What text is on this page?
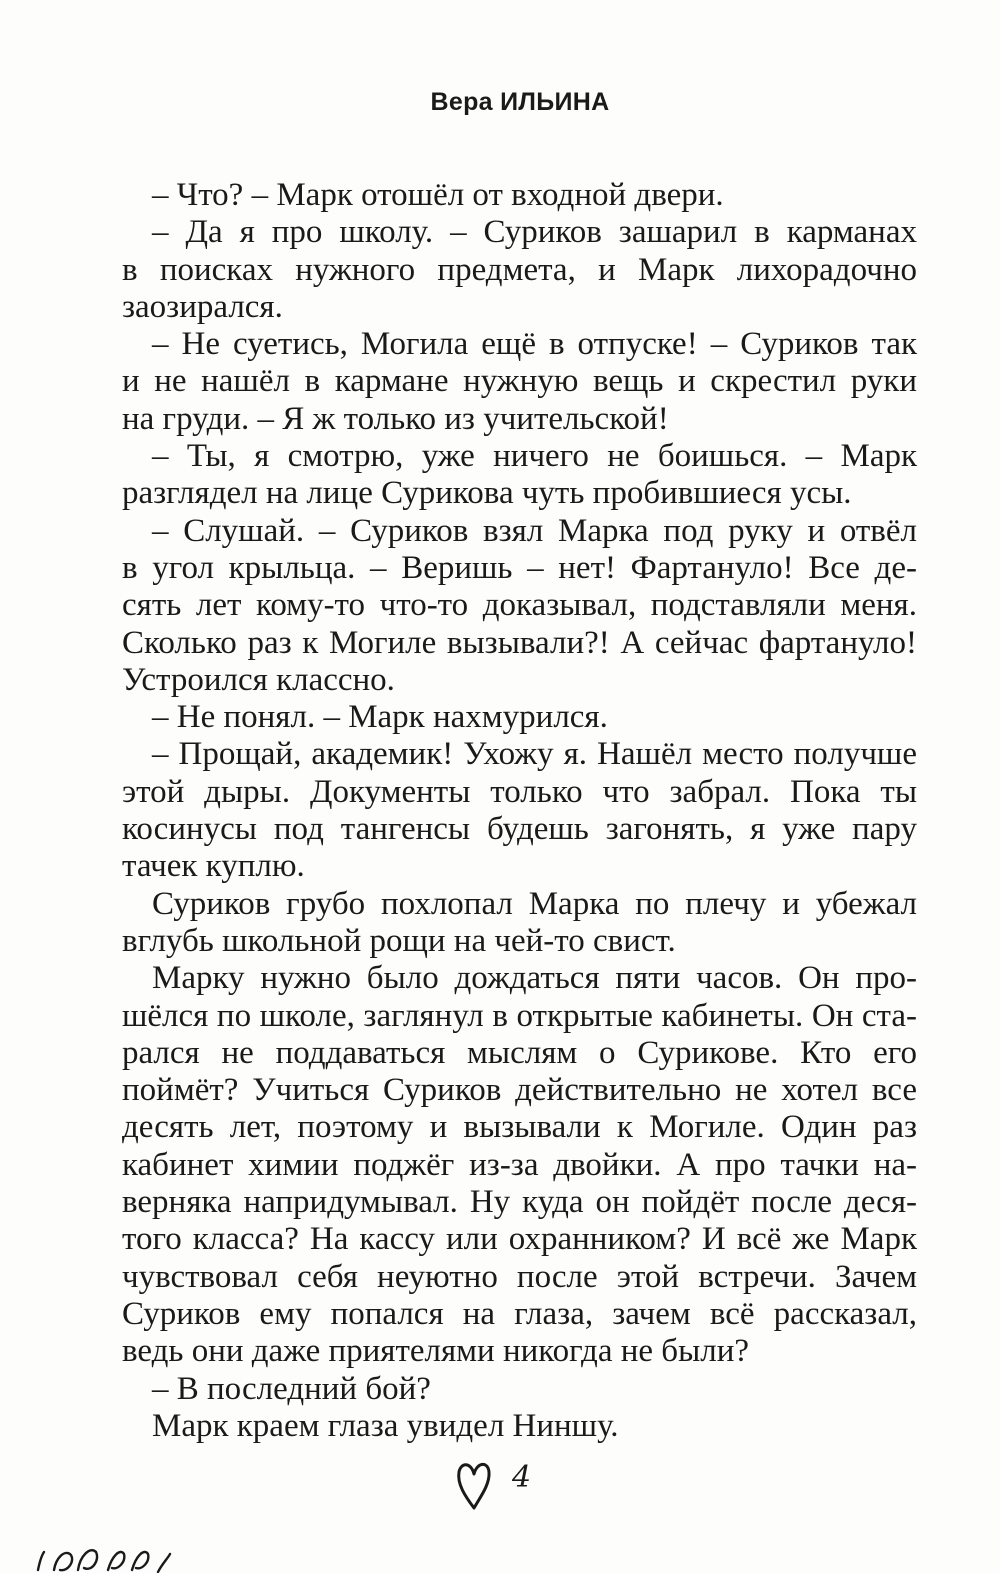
Вера ИЛЬИНА
– Что? – Марк отошёл от входной двери.
– Да я про школу. – Суриков зашарил в карманах
в поисках нужного предмета, и Марк лихорадочно
заозирался.
– Не суетись, Могила ещё в отпуске! – Суриков так
и не нашёл в кармане нужную вещь и скрестил руки
на груди. – Я ж только из учительской!
– Ты, я смотрю, уже ничего не боишься. – Марк
разглядел на лице Сурикова чуть пробившиеся усы.
– Слушай. – Суриков взял Марка под руку и отвёл
в угол крыльца. – Веришь – нет! Фартануло! Все де-
сять лет кому-то что-то доказывал, подставляли меня.
Сколько раз к Могиле вызывали?! А сейчас фартануло!
Устроился классно.
– Не понял. – Марк нахмурился.
– Прощай, академик! Ухожу я. Нашёл место получше
этой дыры. Документы только что забрал. Пока ты
косинусы под тангенсы будешь загонять, я уже пару
тачек куплю.
Суриков грубо похлопал Марка по плечу и убежал
вглубь школьной рощи на чей-то свист.
Марку нужно было дождаться пяти часов. Он про-
шёлся по школе, заглянул в открытые кабинеты. Он ста-
рался не поддаваться мыслям о Сурикове. Кто его
поймёт? Учиться Суриков действительно не хотел все
десять лет, поэтому и вызывали к Могиле. Один раз
кабинет химии поджёг из-за двойки. А про тачки на-
верняка напридумывал. Ну куда он пойдёт после деся-
того класса? На кассу или охранником? И всё же Марк
чувствовал себя неуютно после этой встречи. Зачем
Суриков ему попался на глаза, зачем всё рассказал,
ведь они даже приятелями никогда не были?
– В последний бой?
Марк краем глаза увидел Ниншу.
4
